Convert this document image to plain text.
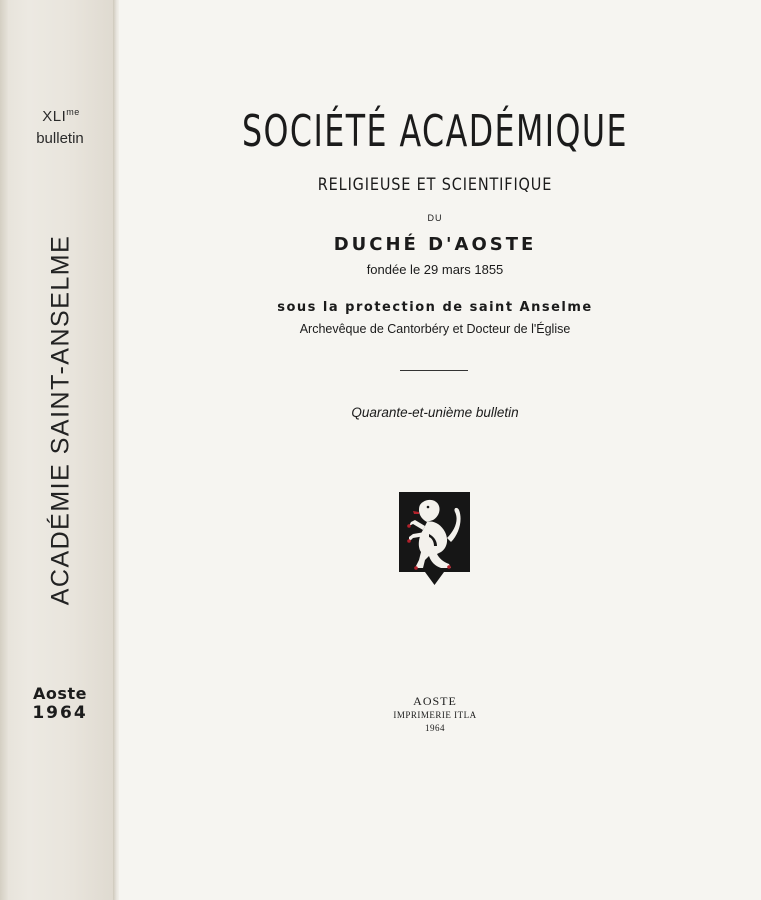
$XLI^{me}$
bulletin
ACADÉMIE SAINT-ANSELME
Aoste
1964
SOCIÉTÉ ACADÉMIQUE
RELIGIEUSE ET SCIENTIFIQUE
DU
DUCHÉ D'AOSTE
fondée le 29 mars 1855
sous la protection de saint Anselme
Archevêque de Cantorbéry et Docteur de l'Église
Quarante-et-unième bulletin
AOSTE
IMPRIMERIE ITLA
1964
